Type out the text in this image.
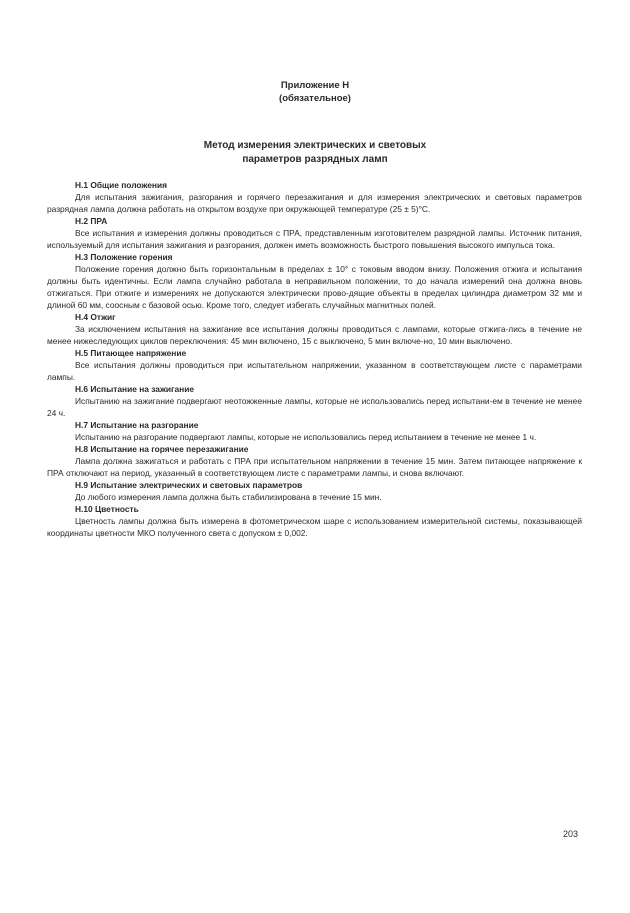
Приложение Н
(обязательное)
Метод измерения электрических и световых
параметров разрядных ламп
Н.1 Общие положения

Для испытания зажигания, разгорания и горячего перезажигания и для измерения электрических и световых параметров разрядная лампа должна работать на открытом воздухе при окружающей температуре (25 ± 5)°С.

Н.2 ПРА

Все испытания и измерения должны проводиться с ПРА, представленным изготовителем разрядной лампы. Источник питания, используемый для испытания зажигания и разгорания, должен иметь возможность быстрого повышения высокого импульса тока.

Н.3 Положение горения

Положение горения должно быть горизонтальным в пределах ± 10° с токовым вводом внизу. Положения отжига и испытания должны быть идентичны. Если лампа случайно работала в неправильном положении, то до начала измерений она должна вновь отжигаться. При отжиге и измерениях не допускаются электрически прово-дящие объекты в пределах цилиндра диаметром 32 мм и длиной 60 мм, соосным с базовой осью. Кроме того, следует избегать случайных магнитных полей.

Н.4 Отжиг

За исключением испытания на зажигание все испытания должны проводиться с лампами, которые отжига-лись в течение не менее нижеследующих циклов переключения: 45 мин включено, 15 с выключено, 5 мин включе-но, 10 мин выключено.

Н.5 Питающее напряжение

Все испытания должны проводиться при испытательном напряжении, указанном в соответствующем листе с параметрами лампы.

Н.6 Испытание на зажигание

Испытанию на зажигание подвергают неотожженные лампы, которые не использовались перед испытани-ем в течение не менее 24 ч.

Н.7 Испытание на разгорание

Испытанию на разгорание подвергают лампы, которые не использовались перед испытанием в течение не менее 1 ч.

Н.8 Испытание на горячее перезажигание

Лампа должна зажигаться и работать с ПРА при испытательном напряжении в течение 15 мин. Затем питающее напряжение к ПРА отключают на период, указанный в соответствующем листе с параметрами лампы, и снова включают.

Н.9 Испытание электрических и световых параметров

До любого измерения лампа должна быть стабилизирована в течение 15 мин.

Н.10 Цветность

Цветность лампы должна быть измерена в фотометрическом шаре с использованием измерительной системы, показывающей координаты цветности МКО полученного света с допуском ± 0,002.

203
